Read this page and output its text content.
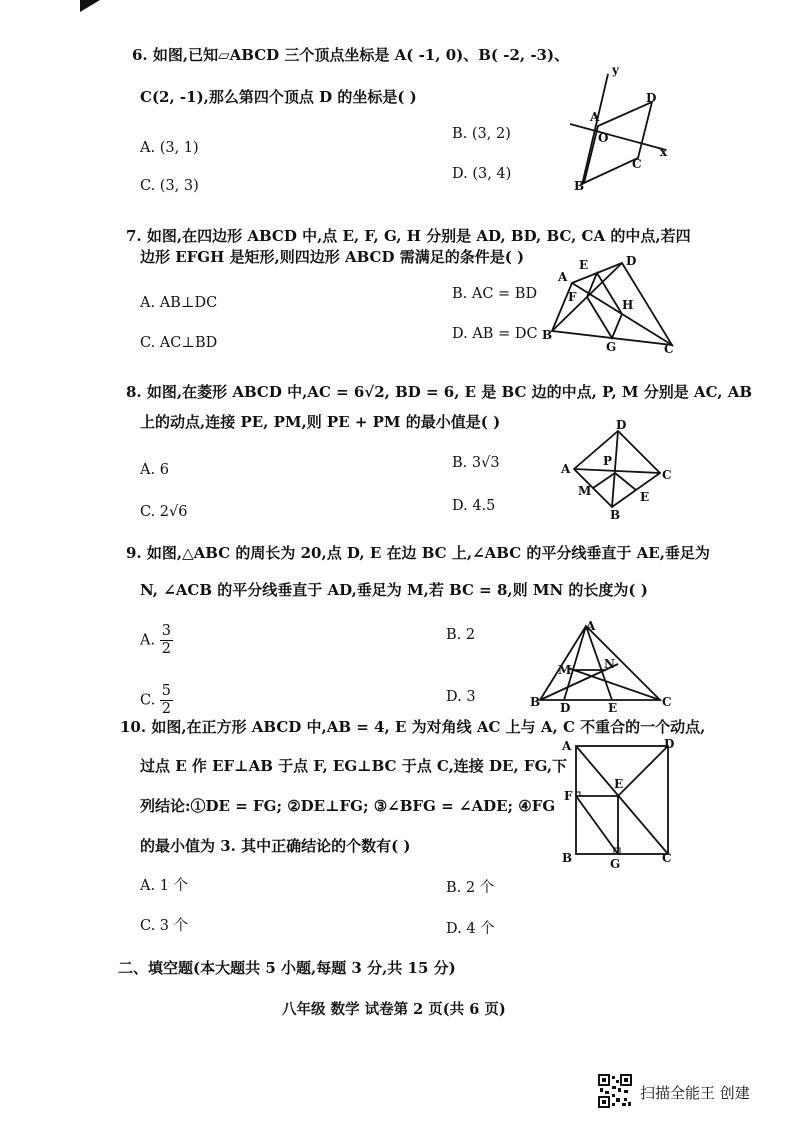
6. 如图,已知▱ABCD 三个顶点坐标是 A( -1, 0)、B( -2, -3)、
C(2, -1),那么第四个顶点 D 的坐标是( )
A. (3, 1)
B. (3, 2)
C. (3, 3)
D. (3, 4)
y
x
A
O
D
C
B
7. 如图,在四边形 ABCD 中,点 E, F, G, H 分别是 AD, BD, BC, CA 的中点,若四
边形 EFGH 是矩形,则四边形 ABCD 需满足的条件是( )
A. AB⊥DC
B. AC = BD
C. AC⊥BD
D. AB = DC
A
E	D
F
H
B
G	C
8. 如图,在菱形 ABCD 中,AC = 6√2, BD = 6, E 是 BC 边的中点, P, M 分别是 AC, AB
上的动点,连接 PE, PM,则 PE + PM 的最小值是( )
A. 6	B. 3√3
C. 2√6	D. 4.5
D
A
P
C
M	E
B
9. 如图,△ABC 的周长为 20,点 D, E 在边 BC 上,∠ABC 的平分线垂直于 AE,垂足为
N, ∠ACB 的平分线垂直于 AD,垂足为 M,若 BC = 8,则 MN 的长度为( )
A. $\frac{3}{2}$	B. 2
C. $\frac{5}{2}$	D. 3
A
M	N
B D	E	C
10. 如图,在正方形 ABCD 中,AB = 4, E 为对角线 AC 上与 A, C 不重合的一个动点,
过点 E 作 EF⊥AB 于点 F, EG⊥BC 于点 C,连接 DE, FG,下
列结论:①DE = FG; ②DE⊥FG; ③∠BFG = ∠ADE; ④FG
的最小值为 3. 其中正确结论的个数有( )
A. 1 个	B. 2 个
C. 3 个	D. 4 个
A	D
E
F
B	G	C
二、填空题(本大题共 5 小题,每题 3 分,共 15 分)
八年级 数学 试卷第 2 页(共 6 页)
扫描全能王 创建
